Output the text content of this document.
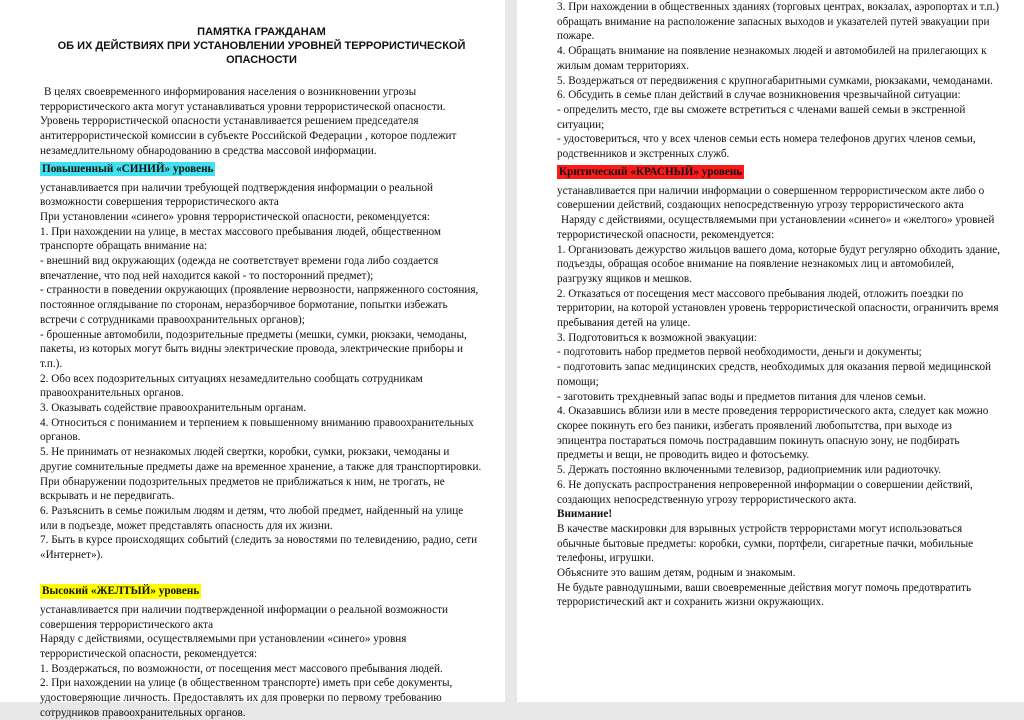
ПАМЯТКА ГРАЖДАНАМ
ОБ ИХ ДЕЙСТВИЯХ ПРИ УСТАНОВЛЕНИИ УРОВНЕЙ ТЕРРОРИСТИЧЕСКОЙ ОПАСНОСТИ

В целях своевременного информирования населения о возникновении угрозы террористического акта могут устанавливаться уровни террористической опасности. Уровень террористической опасности устанавливается решением председателя антитеррористической комиссии в субъекте Российской Федерации , которое подлежит незамедлительному обнародованию в средства массовой информации.

Повышенный «СИНИЙ» уровень

устанавливается при наличии требующей подтверждения информации о реальной возможности совершения террористического акта

При установлении «синего» уровня террористической опасности, рекомендуется:

1. При нахождении на улице, в местах массового пребывания людей, общественном транспорте обращать внимание на:

- внешний вид окружающих (одежда не соответствует времени года либо создается впечатление, что под ней находится какой - то посторонний предмет);

- странности в поведении окружающих (проявление нервозности, напряженного состояния, постоянное оглядывание по сторонам, неразборчивое бормотание, попытки избежать встречи с сотрудниками правоохранительных органов);

- брошенные автомобили, подозрительные предметы (мешки, сумки, рюкзаки, чемоданы, пакеты, из которых могут быть видны электрические провода, электрические приборы и т.п.).

2. Обо всех подозрительных ситуациях незамедлительно сообщать сотрудникам правоохранительных органов.

3. Оказывать содействие правоохранительным органам.

4. Относиться с пониманием и терпением к повышенному вниманию правоохранительных органов.

5. Не принимать от незнакомых людей свертки, коробки, сумки, рюкзаки, чемоданы и другие сомнительные предметы даже на временное хранение, а также для транспортировки. При обнаружении подозрительных предметов не приближаться к ним, не трогать, не вскрывать и не передвигать.

6. Разъяснить в семье пожилым людям и детям, что любой предмет, найденный на улице или в подъезде, может представлять опасность для их жизни.

7. Быть в курсе происходящих событий (следить за новостями по телевидению, радио, сети «Интернет»).

Высокий «ЖЕЛТЫЙ» уровень

устанавливается при наличии подтвержденной информации о реальной возможности совершения террористического акта

Наряду с действиями, осуществляемыми при установлении «синего» уровня террористической опасности, рекомендуется:

1. Воздержаться, по возможности, от посещения мест массового пребывания людей.

2. При нахождении на улице (в общественном транспорте) иметь при себе документы, удостоверяющие личность. Предоставлять их для проверки по первому требованию сотрудников правоохранительных органов.

3. При нахождении в общественных зданиях (торговых центрах, вокзалах, аэропортах и т.п.) обращать внимание на расположение запасных выходов и указателей путей эвакуации при пожаре.

4. Обращать внимание на появление незнакомых людей и автомобилей на прилегающих к жилым домам территориях.

5. Воздержаться от передвижения с крупногабаритными сумками, рюкзаками, чемоданами.

6. Обсудить в семье план действий в случае возникновения чрезвычайной ситуации:

- определить место, где вы сможете встретиться с членами вашей семьи в экстренной ситуации;

- удостовериться, что у всех членов семьи есть номера телефонов других членов семьи, родственников и экстренных служб.

Критический «КРАСНЫЙ» уровень

устанавливается при наличии информации о совершенном террористическом акте либо о совершении действий, создающих непосредственную угрозу террористического акта

Наряду с действиями, осуществляемыми при установлении «синего» и «желтого» уровней террористической опасности, рекомендуется:

1. Организовать дежурство жильцов вашего дома, которые будут регулярно обходить здание, подъезды, обращая особое внимание на появление незнакомых лиц и автомобилей, разгрузку ящиков и мешков.

2. Отказаться от посещения мест массового пребывания людей, отложить поездки по территории, на которой установлен уровень террористической опасности, ограничить время пребывания детей на улице.

3. Подготовиться к возможной эвакуации:

- подготовить набор предметов первой необходимости, деньги и документы;

- подготовить запас медицинских средств, необходимых для оказания первой медицинской помощи;

- заготовить трехдневный запас воды и предметов питания для членов семьи.

4. Оказавшись вблизи или в месте проведения террористического акта, следует как можно скорее покинуть его без паники, избегать проявлений любопытства, при выходе из эпицентра постараться помочь пострадавшим покинуть опасную зону, не подбирать предметы и вещи, не проводить видео и фотосъемку.

5. Держать постоянно включенными телевизор, радиоприемник или радиоточку.

6. Не допускать распространения непроверенной информации о совершении действий, создающих непосредственную угрозу террористического акта.

Внимание!

В качестве маскировки для взрывных устройств террористами могут использоваться обычные бытовые предметы: коробки, сумки, портфели, сигаретные пачки, мобильные телефоны, игрушки.

Объясните это вашим детям, родным и знакомым.

Не будьте равнодушными, ваши своевременные действия могут помочь предотвратить террористический акт и сохранить жизни окружающих.
